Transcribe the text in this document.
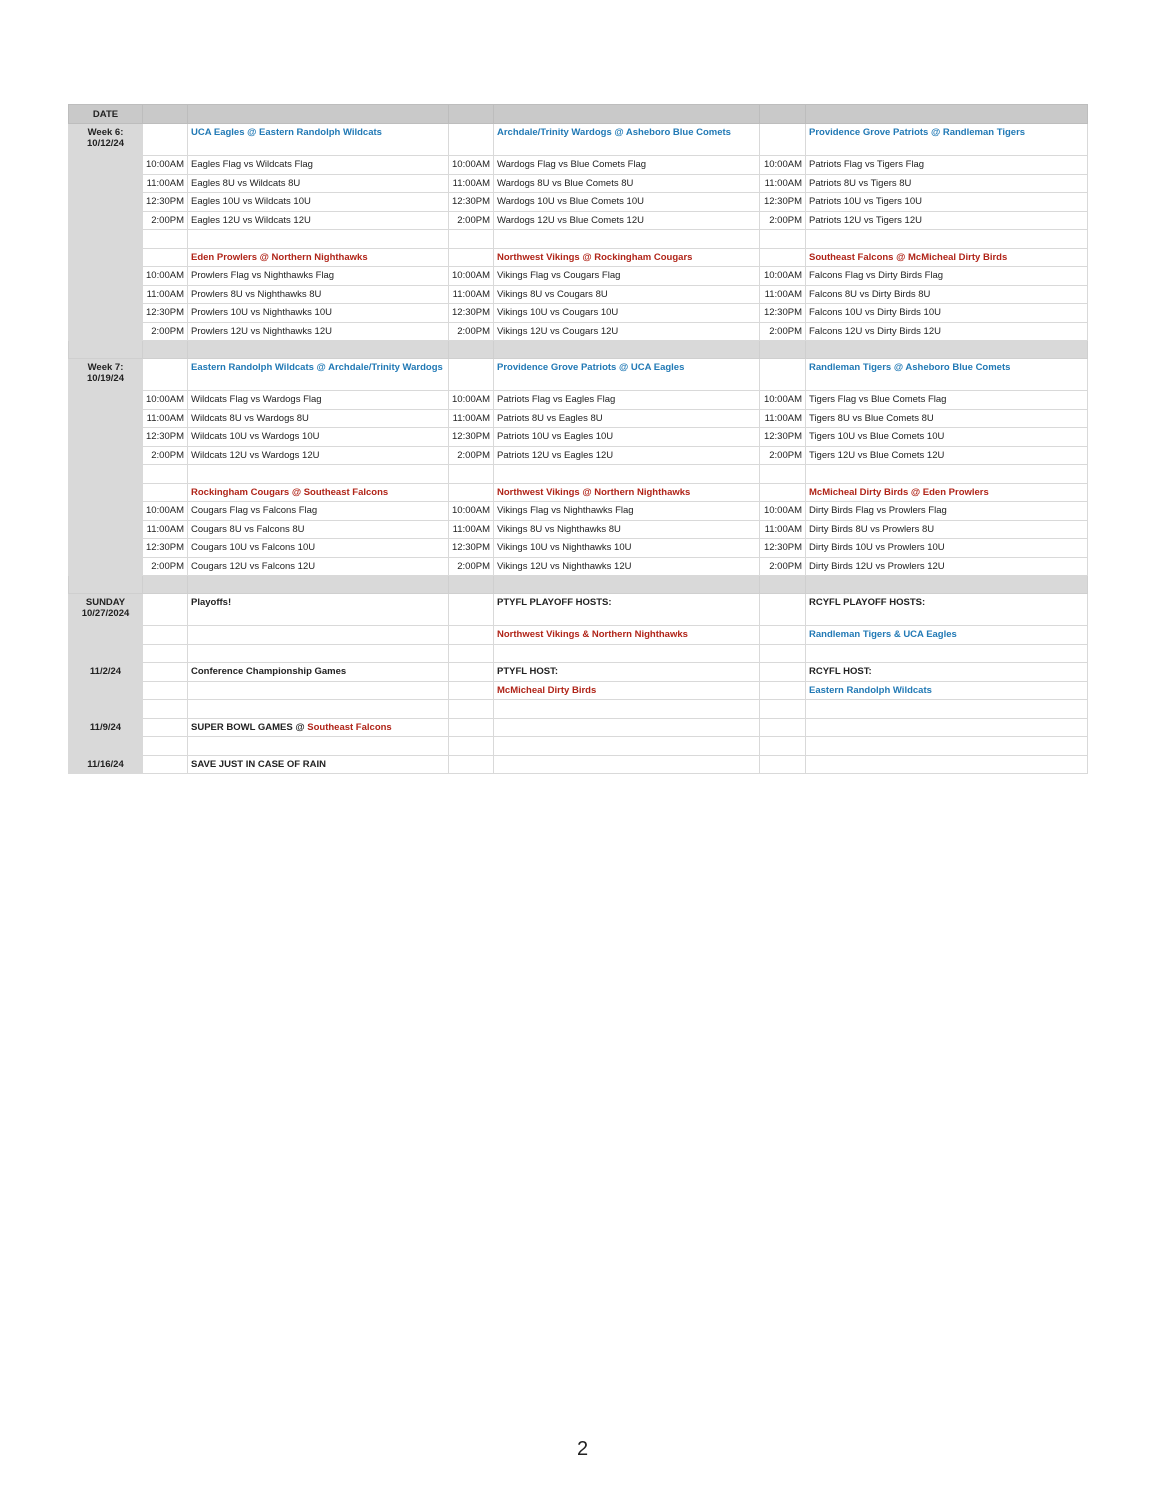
DATE						

Week 6:
10/12/24		UCA Eagles @ Eastern Randolph Wildcats		Archdale/Trinity Wardogs @ Asheboro Blue Comets		Providence Grove Patriots @ Randleman Tigers
	10:00AM	Eagles Flag vs Wildcats Flag	10:00AM	Wardogs Flag vs Blue Comets Flag	10:00AM	Patriots Flag vs Tigers Flag
	11:00AM	Eagles 8U vs Wildcats 8U	11:00AM	Wardogs 8U vs Blue Comets 8U	11:00AM	Patriots 8U vs Tigers 8U
	12:30PM	Eagles 10U vs Wildcats 10U	12:30PM	Wardogs 10U vs Blue Comets 10U	12:30PM	Patriots 10U vs Tigers 10U
	2:00PM	Eagles 12U vs Wildcats 12U	2:00PM	Wardogs 12U vs Blue Comets 12U	2:00PM	Patriots 12U vs Tigers 12U

		Eden Prowlers @ Northern Nighthawks		Northwest Vikings @ Rockingham Cougars		Southeast Falcons @ McMicheal Dirty Birds
	10:00AM	Prowlers Flag vs Nighthawks Flag	10:00AM	Vikings Flag vs Cougars Flag	10:00AM	Falcons Flag vs Dirty Birds Flag
	11:00AM	Prowlers 8U vs Nighthawks 8U	11:00AM	Vikings 8U vs Cougars 8U	11:00AM	Falcons 8U vs Dirty Birds 8U
	12:30PM	Prowlers 10U vs Nighthawks 10U	12:30PM	Vikings 10U vs Cougars 10U	12:30PM	Falcons 10U vs Dirty Birds 10U
	2:00PM	Prowlers 12U vs Nighthawks 12U	2:00PM	Vikings 12U vs Cougars 12U	2:00PM	Falcons 12U vs Dirty Birds 12U

Week 7:
10/19/24		Eastern Randolph Wildcats @ Archdale/Trinity Wardogs		Providence Grove Patriots @ UCA Eagles		Randleman Tigers @ Asheboro Blue Comets
	10:00AM	Wildcats Flag vs Wardogs Flag	10:00AM	Patriots Flag vs Eagles Flag	10:00AM	Tigers Flag vs Blue Comets Flag
	11:00AM	Wildcats 8U vs Wardogs 8U	11:00AM	Patriots 8U vs Eagles 8U	11:00AM	Tigers 8U vs Blue Comets 8U
	12:30PM	Wildcats 10U vs Wardogs 10U	12:30PM	Patriots 10U vs Eagles 10U	12:30PM	Tigers 10U vs Blue Comets 10U
	2:00PM	Wildcats 12U vs Wardogs 12U	2:00PM	Patriots 12U vs Eagles 12U	2:00PM	Tigers 12U vs Blue Comets 12U

		Rockingham Cougars @ Southeast Falcons		Northwest Vikings @ Northern Nighthawks		McMicheal Dirty Birds @ Eden Prowlers
	10:00AM	Cougars Flag vs Falcons Flag	10:00AM	Vikings Flag vs Nighthawks Flag	10:00AM	Dirty Birds Flag vs Prowlers Flag
	11:00AM	Cougars 8U vs Falcons 8U	11:00AM	Vikings 8U vs Nighthawks 8U	11:00AM	Dirty Birds 8U vs Prowlers 8U
	12:30PM	Cougars 10U vs Falcons 10U	12:30PM	Vikings 10U vs Nighthawks 10U	12:30PM	Dirty Birds 10U vs Prowlers 10U
	2:00PM	Cougars 12U vs Falcons 12U	2:00PM	Vikings 12U vs Nighthawks 12U	2:00PM	Dirty Birds 12U vs Prowlers 12U

SUNDAY
10/27/2024		Playoffs!		PTYFL PLAYOFF HOSTS:		RCYFL PLAYOFF HOSTS:
				Northwest Vikings & Northern Nighthawks		Randleman Tigers & UCA Eagles

11/2/24		Conference Championship Games		PTYFL HOST:		RCYFL HOST:
				McMicheal Dirty Birds		Eastern Randolph Wildcats

11/9/24		SUPER BOWL GAMES @ Southeast Falcons				

11/16/24		SAVE JUST IN CASE OF RAIN				
2
